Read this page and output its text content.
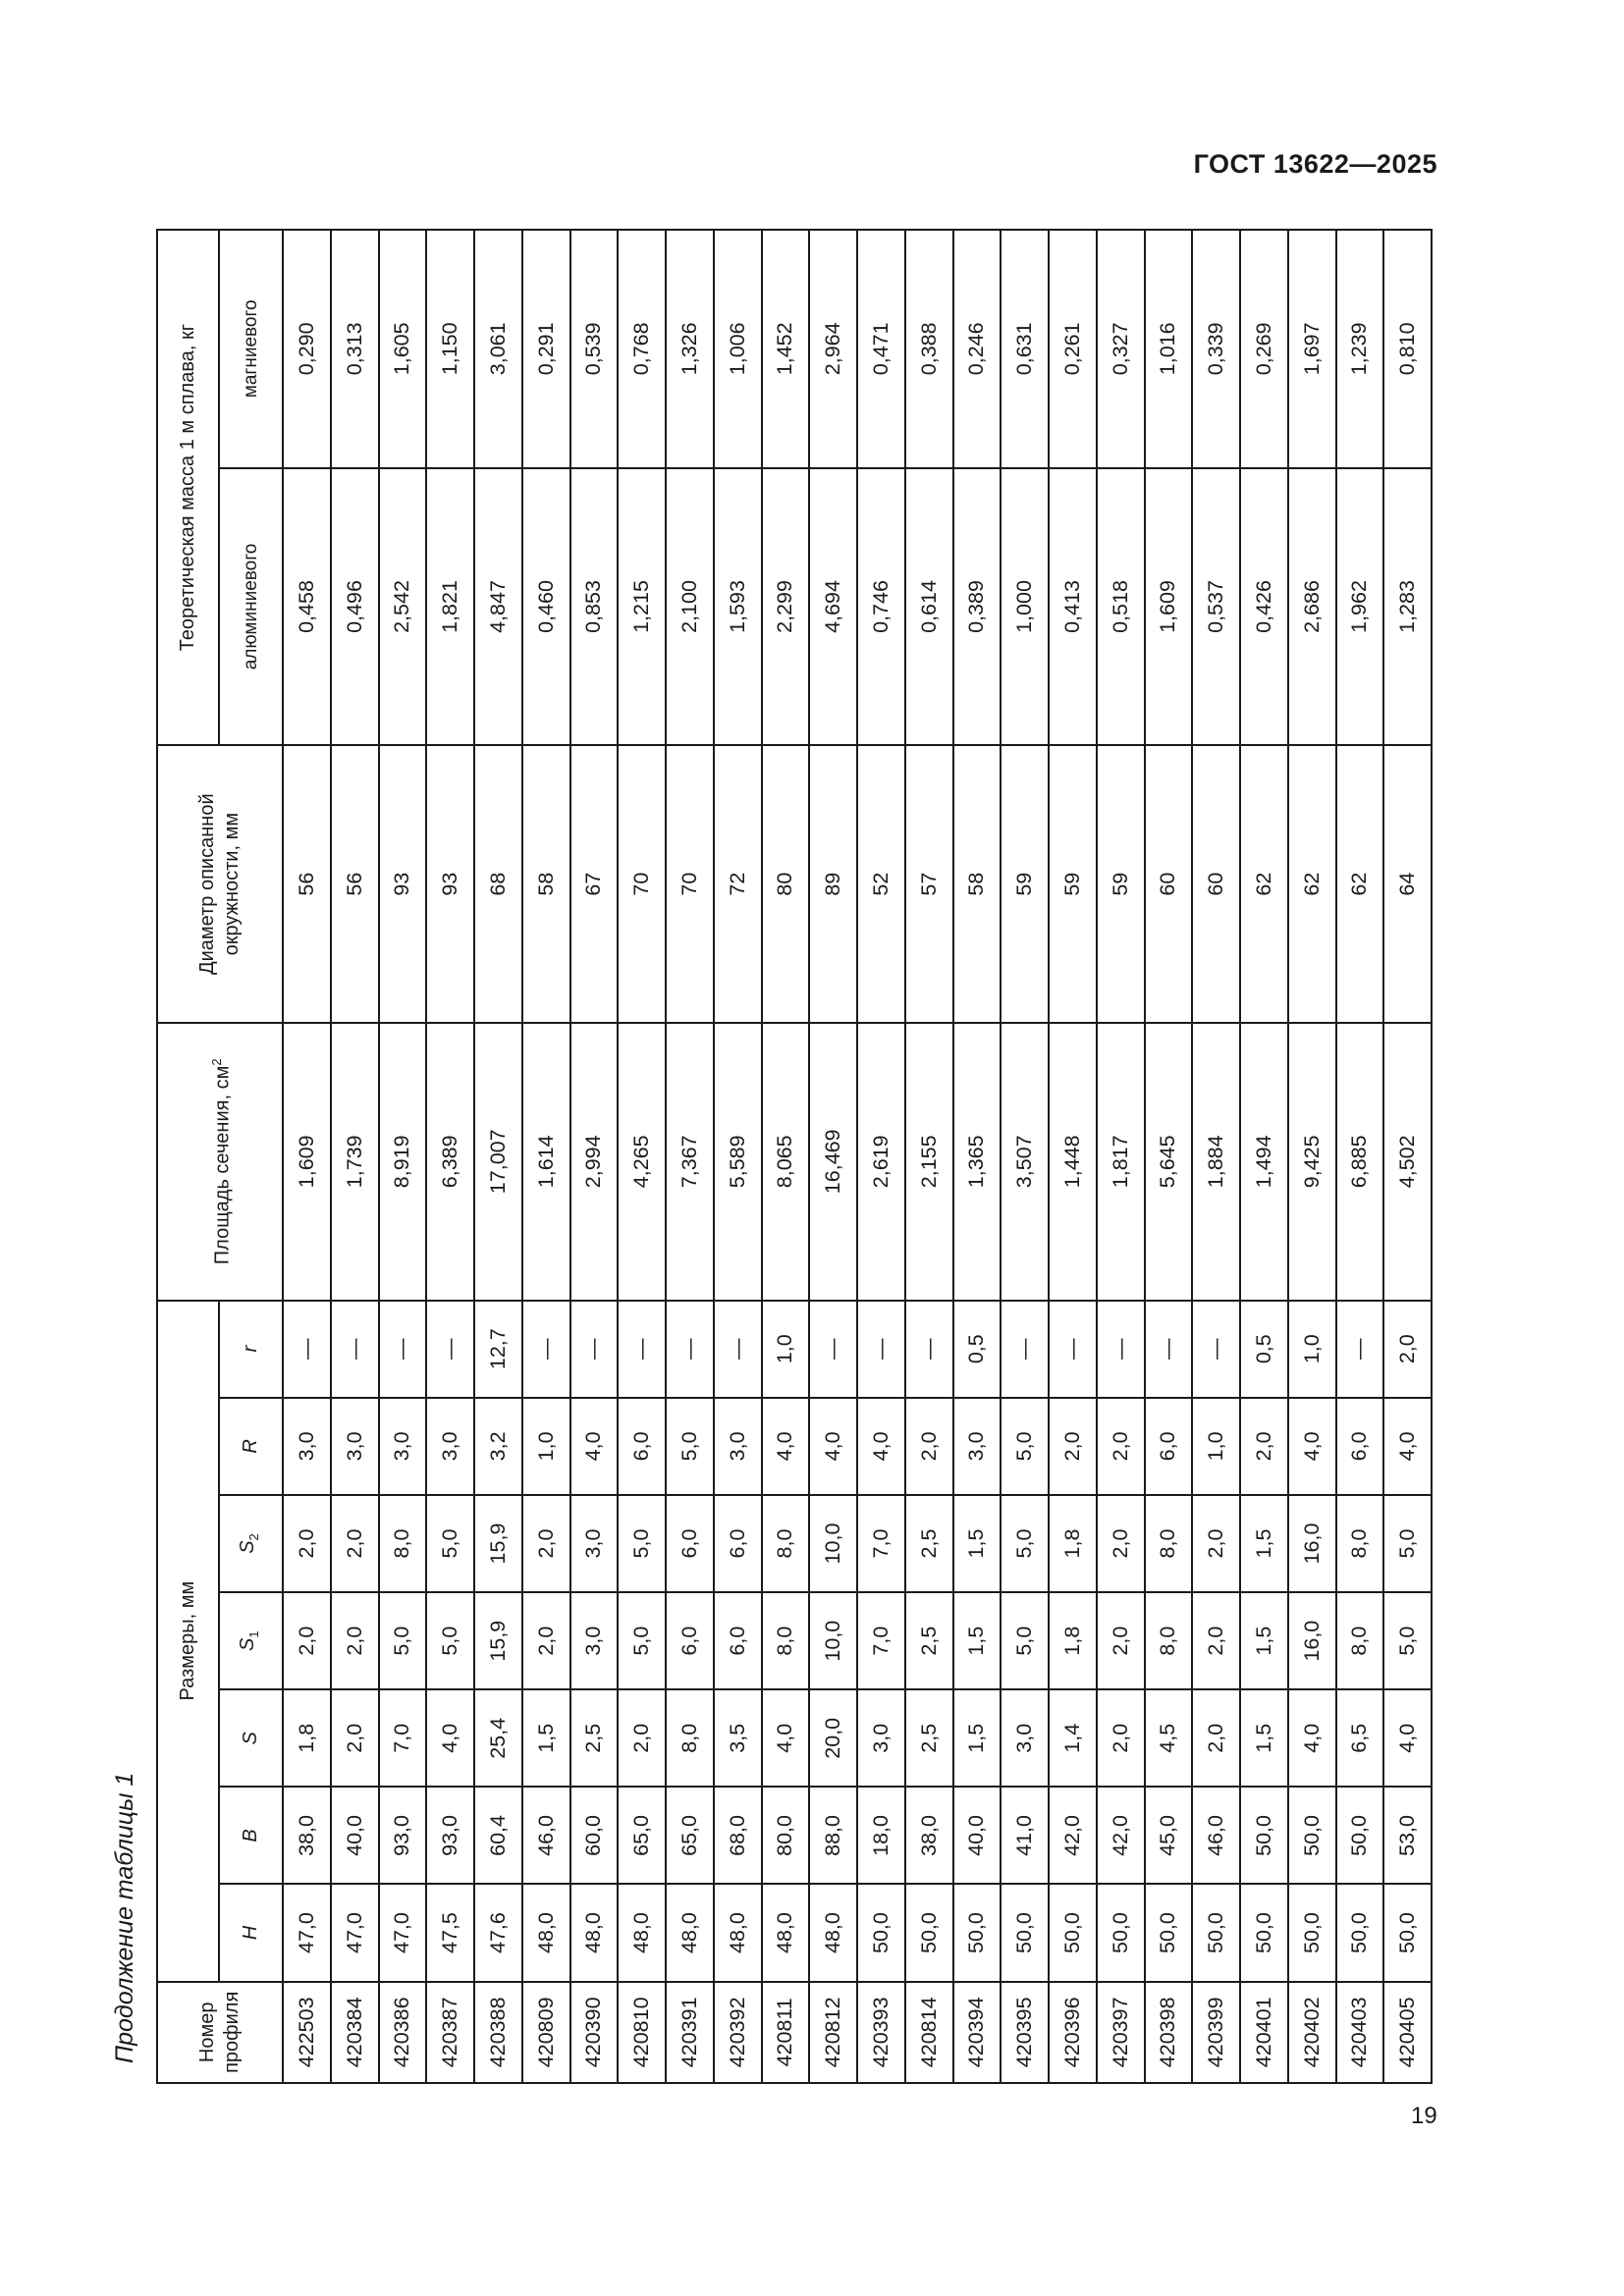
ГОСТ 13622—2025
Продолжение таблицы 1	Номер профиля	Размеры, мм							Площадь сечения, $см^2$	Диаметр описанной окружности, мм	Теоретическая масса 1 м сплава, кг	
	H	B	S	$S_1$	$S_2$	R	r			алюминиевого	магниевого
422503	47,0	38,0	1,8	2,0	2,0	3,0	—	1,609	56	0,458	0,290
420384	47,0	40,0	2,0	2,0	2,0	3,0	—	1,739	56	0,496	0,313
420386	47,0	93,0	7,0	5,0	8,0	3,0	—	8,919	93	2,542	1,605
420387	47,5	93,0	4,0	5,0	5,0	3,0	—	6,389	93	1,821	1,150
420388	47,6	60,4	25,4	15,9	15,9	3,2	12,7	17,007	68	4,847	3,061
420809	48,0	46,0	1,5	2,0	2,0	1,0	—	1,614	58	0,460	0,291
420390	48,0	60,0	2,5	3,0	3,0	4,0	—	2,994	67	0,853	0,539
420810	48,0	65,0	2,0	5,0	5,0	6,0	—	4,265	70	1,215	0,768
420391	48,0	65,0	8,0	6,0	6,0	5,0	—	7,367	70	2,100	1,326
420392	48,0	68,0	3,5	6,0	6,0	3,0	—	5,589	72	1,593	1,006
420811	48,0	80,0	4,0	8,0	8,0	4,0	1,0	8,065	80	2,299	1,452
420812	48,0	88,0	20,0	10,0	10,0	4,0	—	16,469	89	4,694	2,964
420393	50,0	18,0	3,0	7,0	7,0	4,0	—	2,619	52	0,746	0,471
420814	50,0	38,0	2,5	2,5	2,5	2,0	—	2,155	57	0,614	0,388
420394	50,0	40,0	1,5	1,5	1,5	3,0	0,5	1,365	58	0,389	0,246
420395	50,0	41,0	3,0	5,0	5,0	5,0	—	3,507	59	1,000	0,631
420396	50,0	42,0	1,4	1,8	1,8	2,0	—	1,448	59	0,413	0,261
420397	50,0	42,0	2,0	2,0	2,0	2,0	—	1,817	59	0,518	0,327
420398	50,0	45,0	4,5	8,0	8,0	6,0	—	5,645	60	1,609	1,016
420399	50,0	46,0	2,0	2,0	2,0	1,0	—	1,884	60	0,537	0,339
420401	50,0	50,0	1,5	1,5	1,5	2,0	0,5	1,494	62	0,426	0,269
420402	50,0	50,0	4,0	16,0	16,0	4,0	1,0	9,425	62	2,686	1,697
420403	50,0	50,0	6,5	8,0	8,0	6,0	—	6,885	62	1,962	1,239
420405	50,0	53,0	4,0	5,0	5,0	4,0	2,0	4,502	64	1,283	0,810
19
